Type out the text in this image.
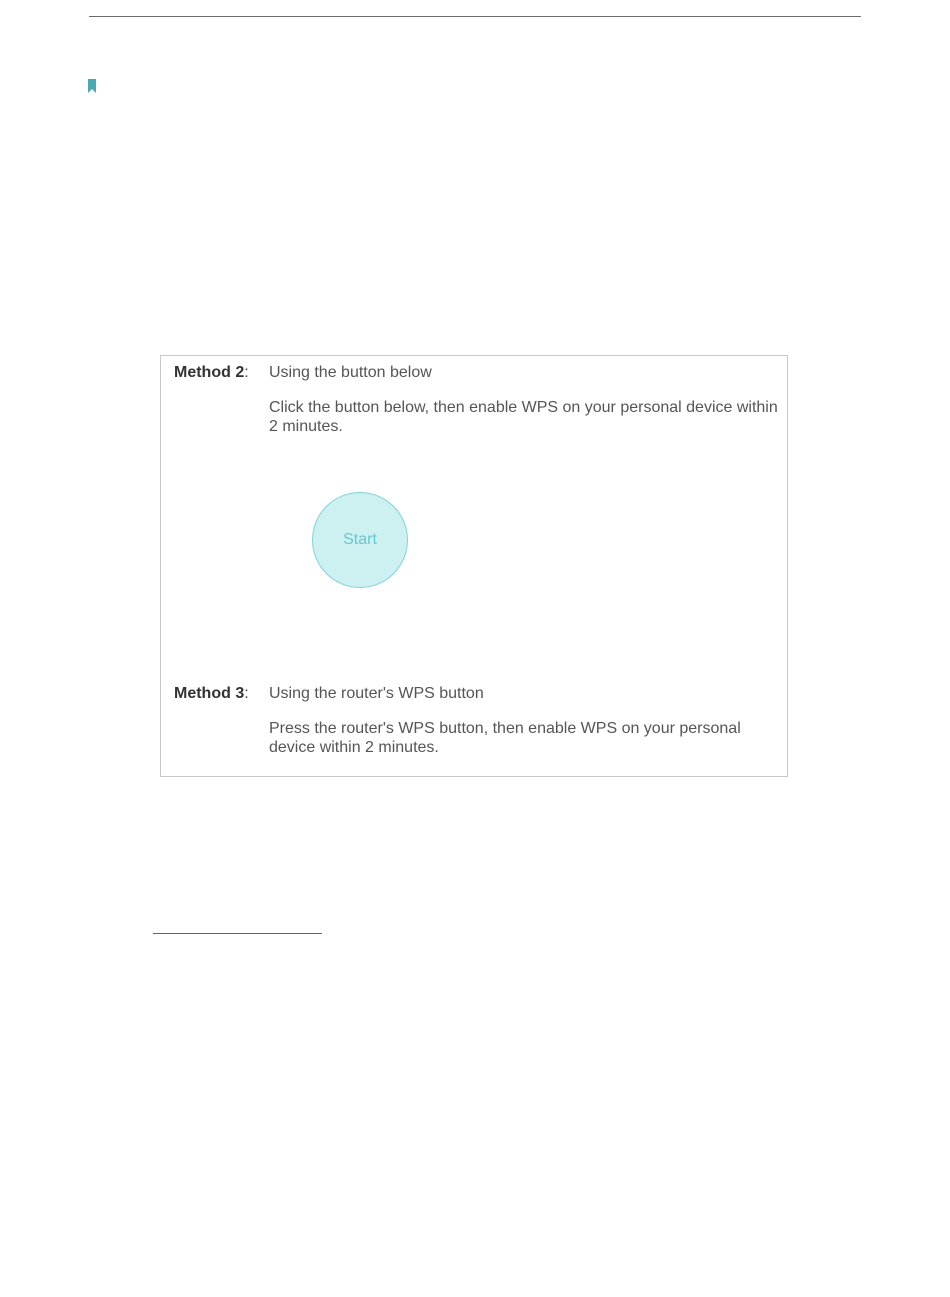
Method 2: Using the button below
Click the button below, then enable WPS on your personal device within 2 minutes.
Start
Method 3: Using the router's WPS button
Press the router's WPS button, then enable WPS on your personal device within 2 minutes.
